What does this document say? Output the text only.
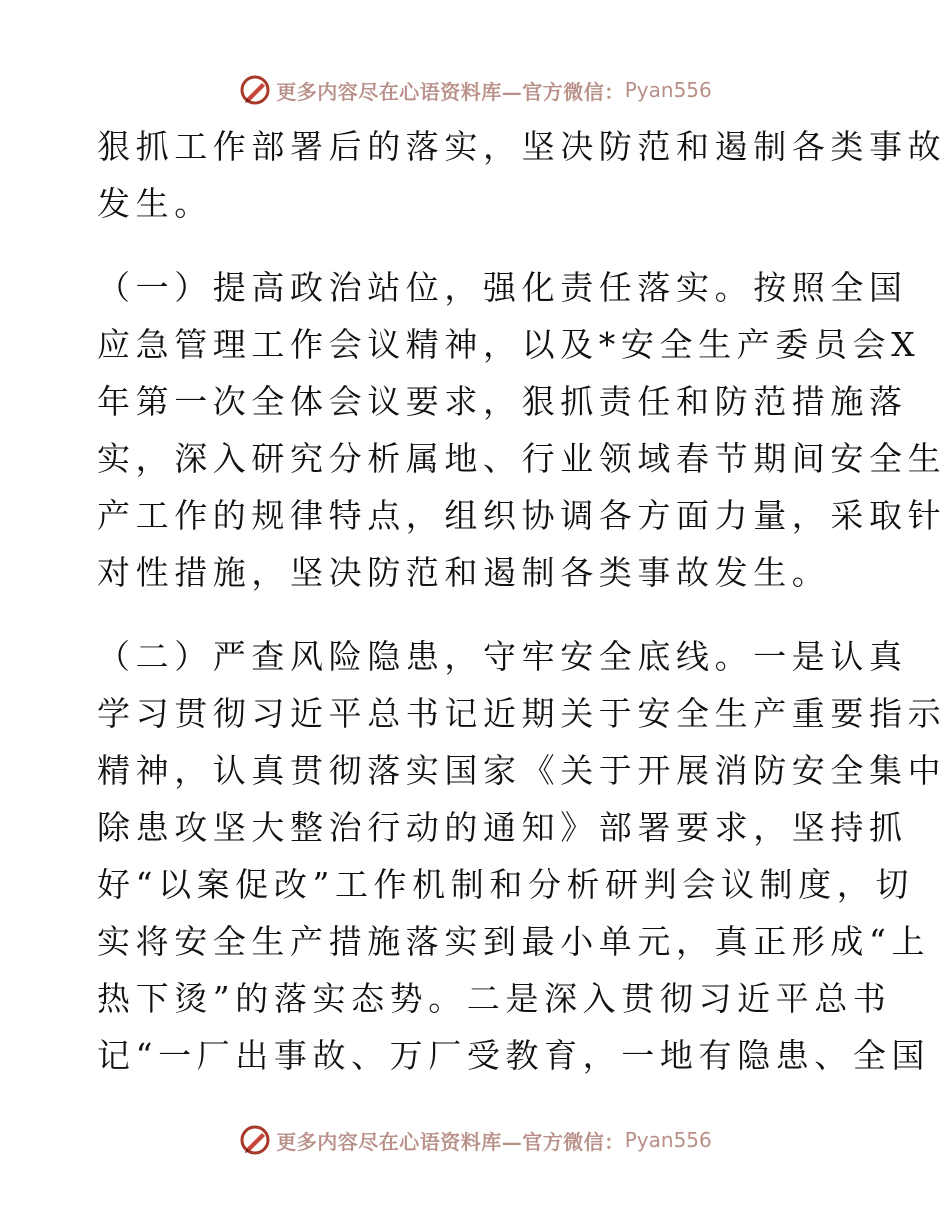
更多内容尽在心语资料库—官方微信： Pyan556
狠抓工作部署后的落实，坚决防范和遏制各类事故
发生。
（一）提高政治站位，强化责任落实。按照全国
应急管理工作会议精神，以及*安全生产委员会X
年第一次全体会议要求，狠抓责任和防范措施落
实，深入研究分析属地、行业领域春节期间安全生
产工作的规律特点，组织协调各方面力量，采取针
对性措施，坚决防范和遏制各类事故发生。
（二）严查风险隐患，守牢安全底线。一是认真
学习贯彻习近平总书记近期关于安全生产重要指示
精神，认真贯彻落实国家《关于开展消防安全集中
除患攻坚大整治行动的通知》部署要求，坚持抓
好“以案促改”工作机制和分析研判会议制度，切
实将安全生产措施落实到最小单元，真正形成“上
热下烫”的落实态势。二是深入贯彻习近平总书
记“一厂出事故、万厂受教育，一地有隐患、全国
更多内容尽在心语资料库—官方微信： Pyan556
